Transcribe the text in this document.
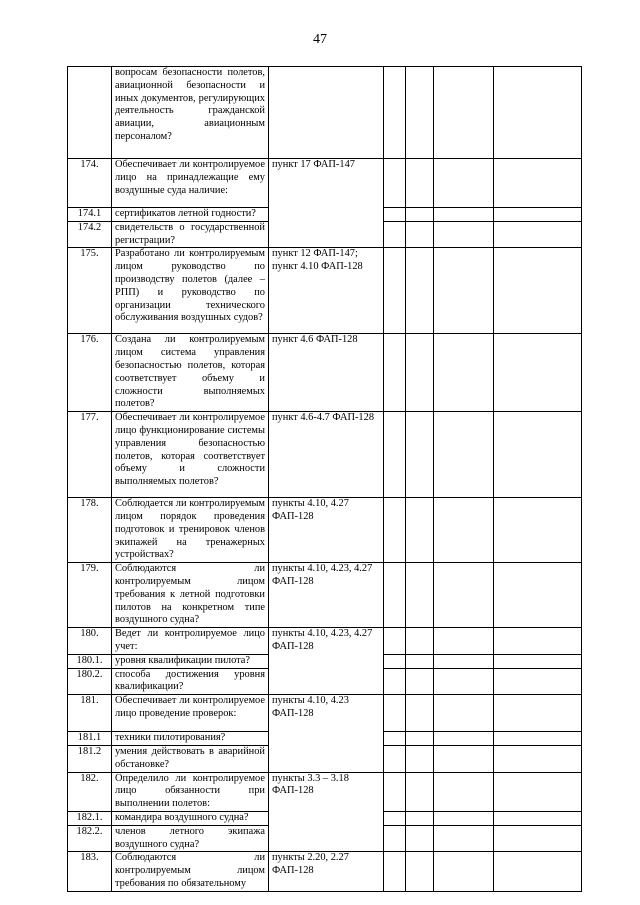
47
	вопросам безопасности полетов, авиационной безопасности и иных документов, регулирующих деятельность гражданской авиации, авиационным персоналом?					
174.	Обеспечивает ли контролируемое лицо на принадлежащие ему воздушные суда наличие:	пункт 17 ФАП-147				
174.1	сертификатов летной годности?					
174.2	свидетельств о государственной регистрации?					
175.	Разработано ли контролируемым лицом руководство по производству полетов (далее – РПП) и руководство по организации технического обслуживания воздушных судов?	пункт 12 ФАП-147; пункт 4.10 ФАП-128				
176.	Создана ли контролируемым лицом система управления безопасностью полетов, которая соответствует объему и сложности выполняемых полетов?	пункт 4.6 ФАП-128				
177.	Обеспечивает ли контролируемое лицо функционирование системы управления безопасностью полетов, которая соответствует объему и сложности выполняемых полетов?	пункт 4.6-4.7 ФАП-128				
178.	Соблюдается ли контролируемым лицом порядок проведения подготовок и тренировок членов экипажей на тренажерных устройствах?	пункты 4.10, 4.27 ФАП-128				
179.	Соблюдаются ли контролируемым лицом требования к летной подготовки пилотов на конкретном типе воздушного судна?	пункты 4.10, 4.23, 4.27 ФАП-128				
180.	Ведет ли контролируемое лицо учет:	пункты 4.10, 4.23, 4.27 ФАП-128				
180.1.	уровня квалификации пилота?					
180.2.	способа достижения уровня квалификации?					
181.	Обеспечивает ли контролируемое лицо проведение проверок:	пункты 4.10, 4.23 ФАП-128				
181.1	техники пилотирования?					
181.2	умения действовать в аварийной обстановке?					
182.	Определило ли контролируемое лицо обязанности при выполнении полетов:	пункты 3.3 – 3.18 ФАП-128				
182.1.	командира воздушного судна?					
182.2.	членов летного экипажа воздушного судна?					
183.	Соблюдаются ли контролируемым лицом требования по обязательному	пункты 2.20, 2.27 ФАП-128				
